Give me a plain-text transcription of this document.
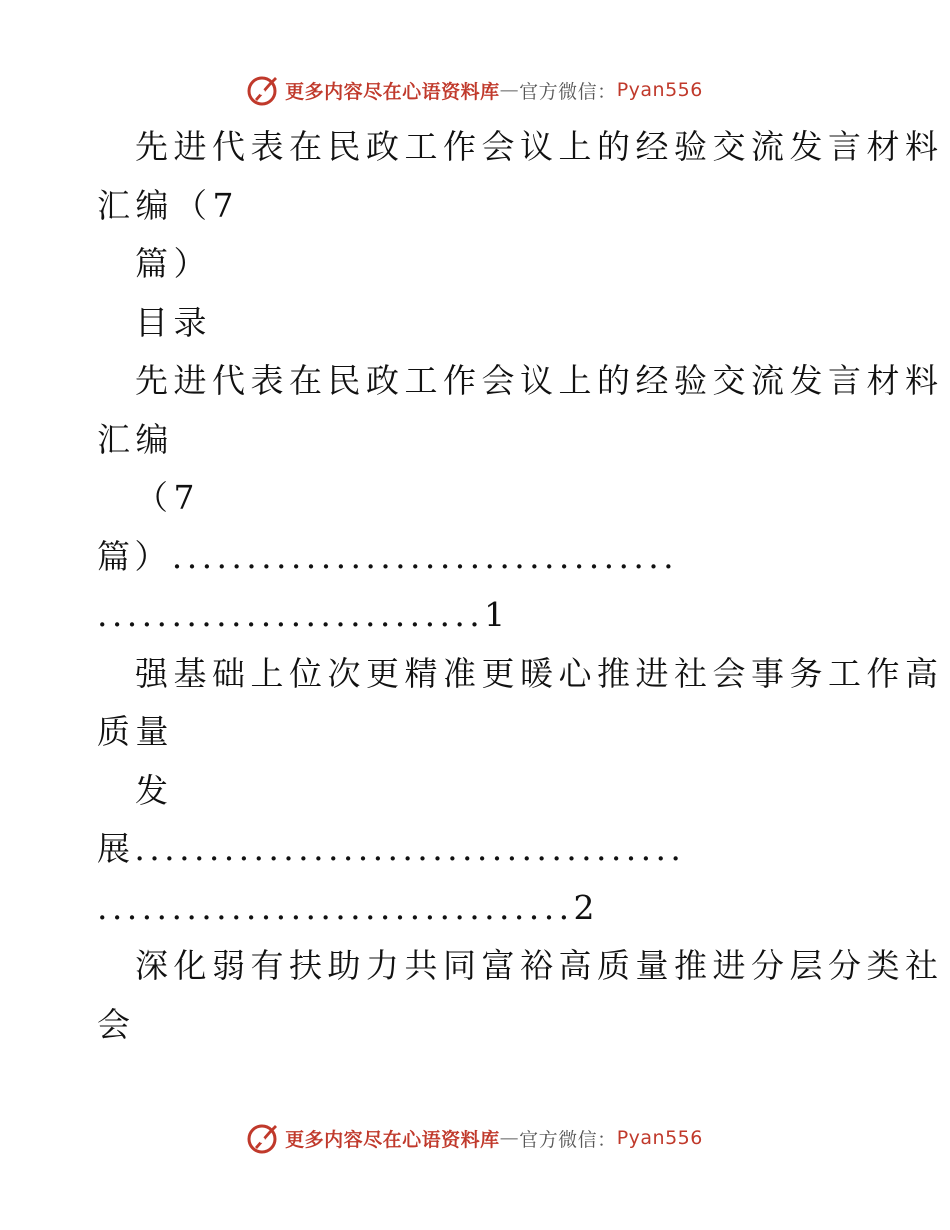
更多内容尽在心语资料库 — 官方微信： Pyan556
先进代表在民政工作会议上的经验交流发言材料
汇编（7
篇）
目录
先进代表在民政工作会议上的经验交流发言材料
汇编
（7
篇）..................................
..........................1
强基础上位次更精准更暖心推进社会事务工作高
质量
发
展.....................................
................................2
深化弱有扶助力共同富裕高质量推进分层分类社
会
更多内容尽在心语资料库 — 官方微信： Pyan556
